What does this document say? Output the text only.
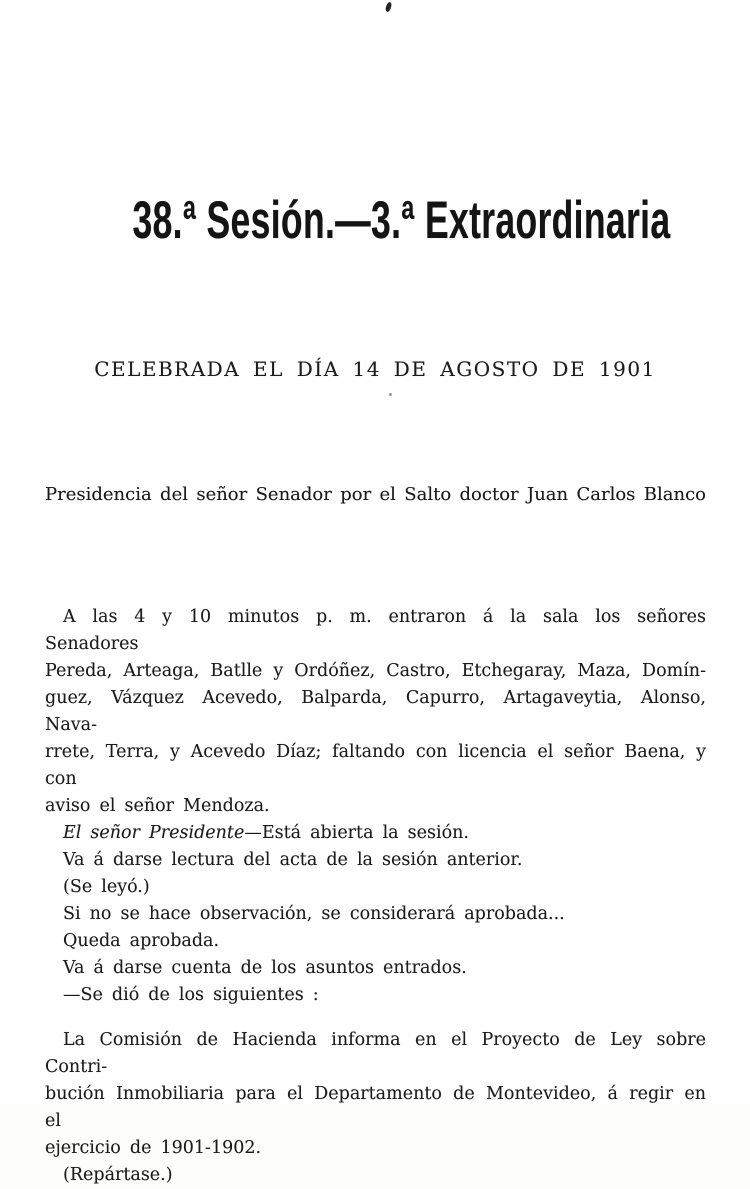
38.ª Sesión.—3.ª Extraordinaria
CELEBRADA EL DÍA 14 DE AGOSTO DE 1901
Presidencia del señor Senador por el Salto doctor Juan Carlos Blanco

A las 4 y 10 minutos p. m. entraron á la sala los señores Senadores

Pereda, Arteaga, Batlle y Ordóñez, Castro, Etchegaray, Maza, Domín-

guez, Vázquez Acevedo, Balparda, Capurro, Artagaveytia, Alonso, Nava-

rrete, Terra, y Acevedo Díaz; faltando con licencia el señor Baena, y con

aviso el señor Mendoza.

El señor Presidente—Está abierta la sesión.

Va á darse lectura del acta de la sesión anterior.

(Se leyó.)

Si no se hace observación, se considerará aprobada...

Queda aprobada.

Va á darse cuenta de los asuntos entrados.

—Se dió de los siguientes :

La Comisión de Hacienda informa en el Proyecto de Ley sobre Contri-

bución Inmobiliaria para el Departamento de Montevideo, á regir en el

ejercicio de 1901-1902.

(Repártase.)
